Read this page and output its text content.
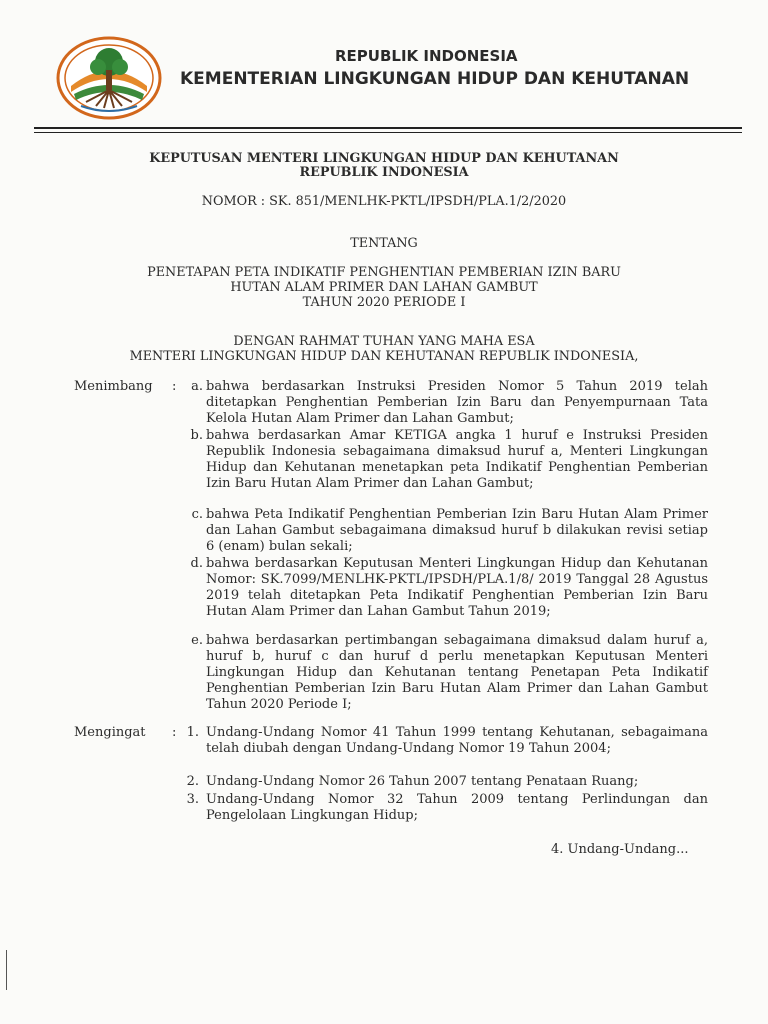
REPUBLIK INDONESIA
KEMENTERIAN LINGKUNGAN HIDUP DAN KEHUTANAN
KEPUTUSAN MENTERI LINGKUNGAN HIDUP DAN KEHUTANAN
REPUBLIK INDONESIA
NOMOR : SK. 851/MENLHK-PKTL/IPSDH/PLA.1/2/2020
TENTANG
PENETAPAN PETA INDIKATIF PENGHENTIAN PEMBERIAN IZIN BARU
HUTAN ALAM PRIMER DAN LAHAN GAMBUT
TAHUN 2020 PERIODE I
DENGAN RAHMAT TUHAN YANG MAHA ESA
MENTERI LINGKUNGAN HIDUP DAN KEHUTANAN REPUBLIK INDONESIA,
Menimbang :	a. bahwa berdasarkan Instruksi Presiden Nomor 5 Tahun 2019 telah ditetapkan Penghentian Pemberian Izin Baru dan Penyempurnaan Tata Kelola Hutan Alam Primer dan Lahan Gambut;
b. bahwa berdasarkan Amar KETIGA angka 1 huruf e Instruksi Presiden Republik Indonesia sebagaimana dimaksud huruf a, Menteri Lingkungan Hidup dan Kehutanan menetapkan peta Indikatif Penghentian Pemberian Izin Baru Hutan Alam Primer dan Lahan Gambut;
c. bahwa Peta Indikatif Penghentian Pemberian Izin Baru Hutan Alam Primer dan Lahan Gambut sebagaimana dimaksud huruf b dilakukan revisi setiap 6 (enam) bulan sekali;
d. bahwa berdasarkan Keputusan Menteri Lingkungan Hidup dan Kehutanan Nomor: SK.7099/MENLHK-PKTL/IPSDH/PLA.1/8/ 2019 Tanggal 28 Agustus 2019 telah ditetapkan Peta Indikatif Penghentian Pemberian Izin Baru Hutan Alam Primer dan Lahan Gambut Tahun 2019;
e. bahwa berdasarkan pertimbangan sebagaimana dimaksud dalam huruf a, huruf b, huruf c dan huruf d perlu menetapkan Keputusan Menteri Lingkungan Hidup dan Kehutanan tentang Penetapan Peta Indikatif Penghentian Pemberian Izin Baru Hutan Alam Primer dan Lahan Gambut Tahun 2020 Periode I;
Mengingat : 1. Undang-Undang Nomor 41 Tahun 1999 tentang Kehutanan, sebagaimana telah diubah dengan Undang-Undang Nomor 19 Tahun 2004;
2. Undang-Undang Nomor 26 Tahun 2007 tentang Penataan Ruang;
3. Undang-Undang Nomor 32 Tahun 2009 tentang Perlindungan dan Pengelolaan Lingkungan Hidup;
4. Undang-Undang...
